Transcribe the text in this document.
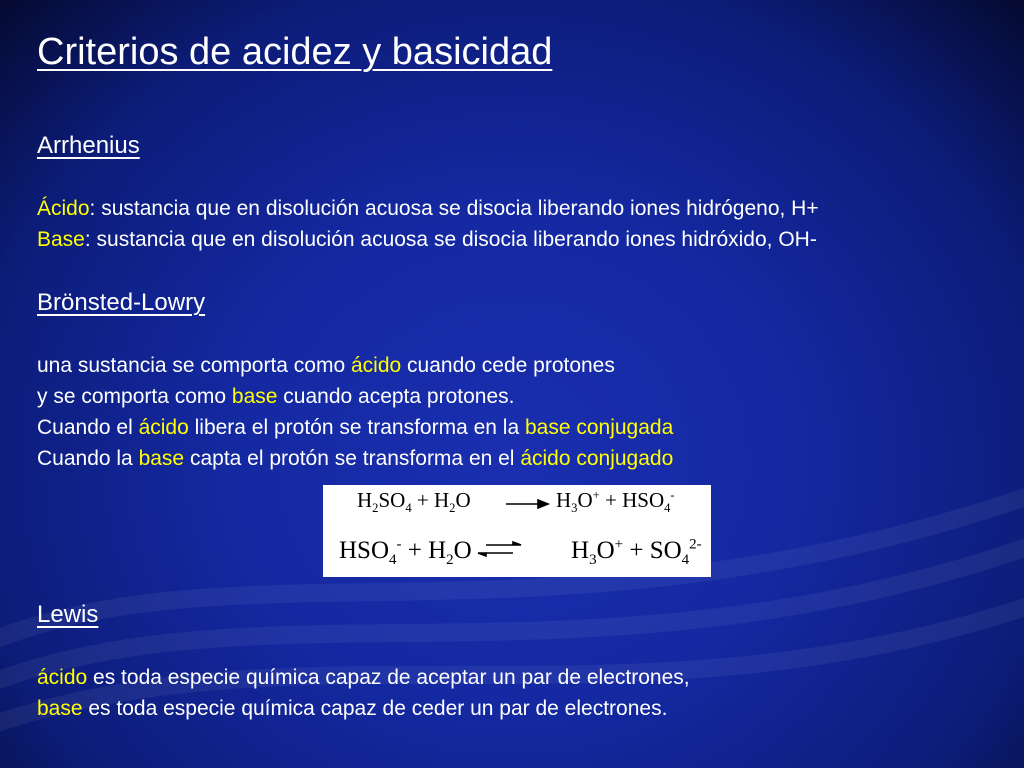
Criterios de acidez y basicidad
Arrhenius
Ácido: sustancia que en disolución acuosa se disocia liberando iones hidrógeno, H+
Base: sustancia que en disolución acuosa se disocia liberando iones hidróxido, OH-
Brönsted-Lowry
una sustancia se comporta como ácido cuando cede protones
y se comporta como base cuando acepta protones.
Cuando el ácido libera el protón se transforma en la base conjugada
Cuando la base capta el protón se transforma en el ácido conjugado
$H_2SO_4 + H_2O$	$H_3O^+ + HSO_4^-$
$HSO_4^- + H_2O$	$H_3O^+ + SO_4^{2-}$
Lewis
ácido es toda especie química capaz de aceptar un par de electrones,
base es toda especie química capaz de ceder un par de electrones.
